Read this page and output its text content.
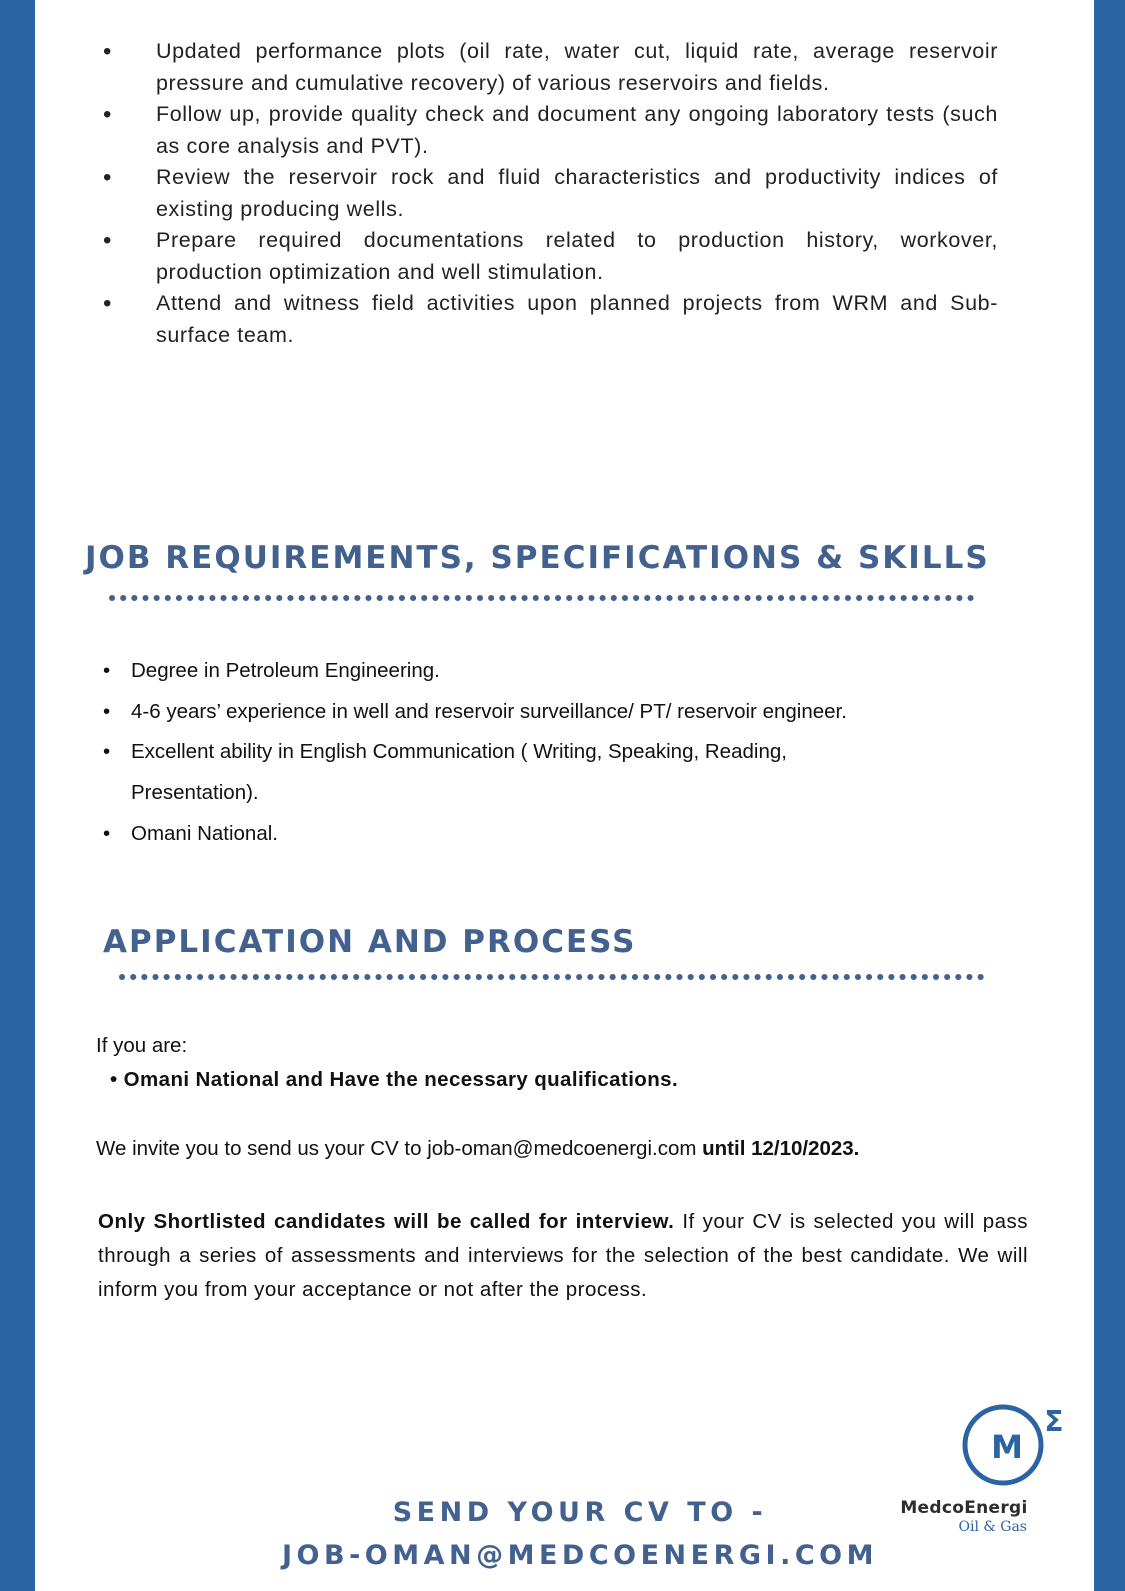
• Updated performance plots (oil rate, water cut, liquid rate, average reservoir pressure and cumulative recovery) of various reservoirs and fields.
• Follow up, provide quality check and document any ongoing laboratory tests (such as core analysis and PVT).
• Review the reservoir rock and fluid characteristics and productivity indices of existing producing wells.
• Prepare required documentations related to production history, workover, production optimization and well stimulation.
• Attend and witness field activities upon planned projects from WRM and Sub-surface team.
JOB REQUIREMENTS, SPECIFICATIONS & SKILLS
• Degree in Petroleum Engineering.
• 4-6 years’ experience in well and reservoir surveillance/ PT/ reservoir engineer.
• Excellent ability in English Communication ( Writing, Speaking, Reading, Presentation).
• Omani National.
APPLICATION AND PROCESS

If you are:

• Omani National and Have the necessary qualifications.

We invite you to send us your CV to job-oman@medcoenergi.com until 12/10/2023.

Only Shortlisted candidates will be called for interview. If your CV is selected you will pass through a series of assessments and interviews for the selection of the best candidate. We will inform you from your acceptance or not after the process.

SEND YOUR CV TO -
JOB-OMAN@MEDCOENERGI.COM
M
Σ
MedcoEnergi
Oil & Gas
